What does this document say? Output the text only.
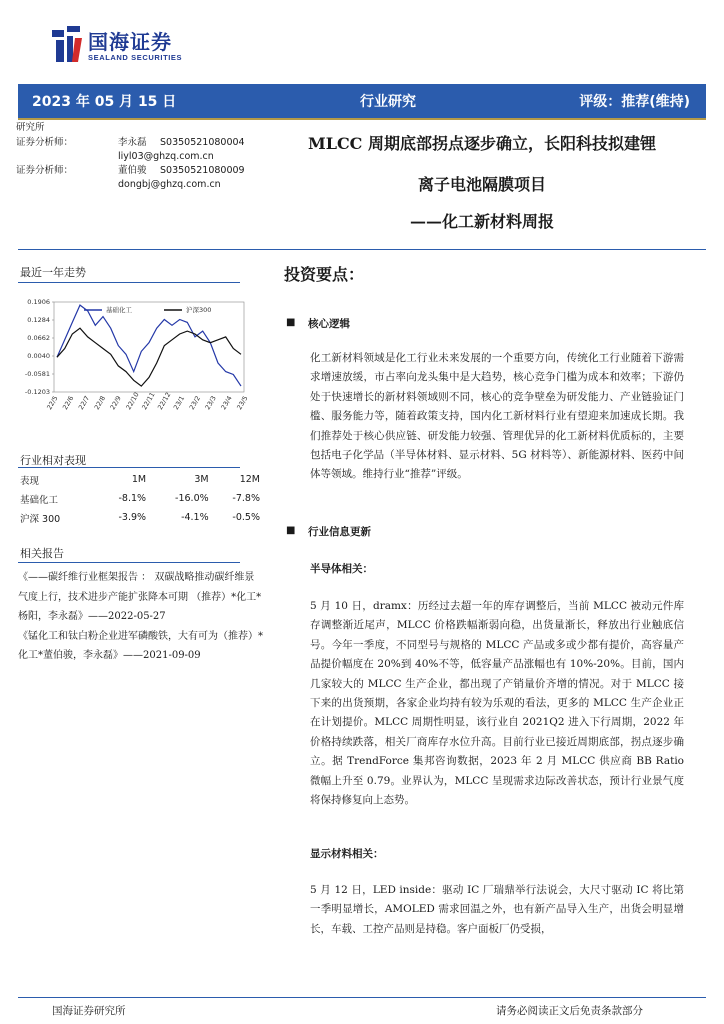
国海证券
SEALAND SECURITIES
2023 年 05 月 15 日	行业研究	评级：推荐(维持)
研究所
证券分析师：	李永磊 S0350521080004
liyl03@ghzq.com.cn
证券分析师：	董伯骏 S0350521080009
dongbj@ghzq.com.cn
MLCC 周期底部拐点逐步确立，长阳科技拟建锂
离子电池隔膜项目
——化工新材料周报
最近一年走势
0.1906
0.1284
0.0662
0.0040
-0.0581
-0.1203
22/5 22/6 22/7 22/8 22/9 22/10 22/11 22/12 23/1 23/2 23/3 23/4 23/5
基础化工	沪深300
行业相对表现
表现	1M	3M	12M
基础化工	-8.1%	-16.0%	-7.8%
沪深 300	-3.9%	-4.1%	-0.5%
相关报告

《——碳纤维行业框架报告 ： 双碳战略推动碳纤维景气度上行，技术进步产能扩张降本可期 （推荐）*化工*杨阳，李永磊》——2022-05-27

《锰化工和钛白粉企业进军磷酸铁，大有可为（推荐）*化工*董伯骏，李永磊》——2021-09-09

投资要点：
■ 核心逻辑

化工新材料领域是化工行业未来发展的一个重要方向，传统化工行业随着下游需求增速放缓，市占率向龙头集中是大趋势，核心竞争门槛为成本和效率；下游仍处于快速增长的新材料领域则不同，核心的竞争壁垒为研发能力、产业链验证门槛、服务能力等，随着政策支持，国内化工新材料行业有望迎来加速成长期。我们推荐处于核心供应链、研发能力较强、管理优异的化工新材料优质标的，主要包括电子化学品（半导体材料、显示材料、5G 材料等）、新能源材料、医药中间体等领域。维持行业“推荐”评级。

■ 行业信息更新
半导体相关：

5 月 10 日，dramx：历经过去超一年的库存调整后，当前 MLCC 被动元件库存调整渐近尾声，MLCC 价格跌幅渐弱向稳，出货量渐长，释放出行业触底信号。今年一季度，不同型号与规格的 MLCC 产品或多或少都有提价，高容量产品提价幅度在 20%到 40%不等，低容量产品涨幅也有 10%-20%。目前，国内几家较大的 MLCC 生产企业，都出现了产销量价齐增的情况。对于 MLCC 接下来的出货预期，各家企业均持有较为乐观的看法，更多的 MLCC 生产企业正在计划提价。MLCC 周期性明显，该行业自 2021Q2 进入下行周期，2022 年价格持续跌落，相关厂商库存水位升高。目前行业已接近周期底部，拐点逐步确立。据 TrendForce 集邦咨询数据，2023 年 2 月 MLCC 供应商 BB Ratio 微幅上升至 0.79。业界认为，MLCC 呈现需求边际改善状态，预计行业景气度将保持修复向上态势。

显示材料相关：

5 月 12 日，LED inside：驱动 IC 厂瑞鼎举行法说会，大尺寸驱动 IC 将比第一季明显增长，AMOLED 需求回温之外，也有新产品导入生产，出货会明显增长，车载、工控产品则是持稳。客户面板厂仍受损，

国海证券研究所	请务必阅读正文后免责条款部分
